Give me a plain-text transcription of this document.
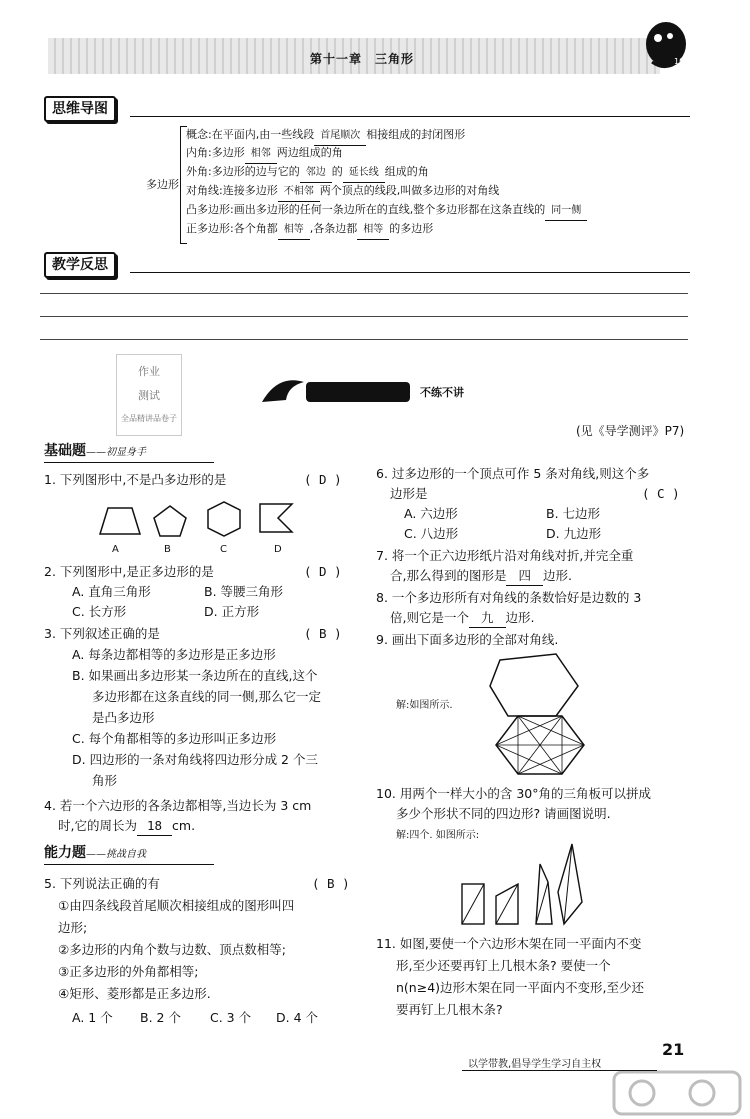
第十一章　三角形	10
思维导图
多边形
概念:在平面内,由一些线段 首尾顺次 相接组成的封闭图形
内角:多边形 相邻 两边组成的角
外角:多边形的边与它的 邻边 的 延长线 组成的角
对角线:连接多边形 不相邻 两个顶点的线段,叫做多边形的对角线
凸多边形:画出多边形的任何一条边所在的直线,整个多边形都在这条直线的 同一侧
正多边形:各个角都 相等 ,各条边都 相等 的多边形
教学反思
作业
测试
全品精讲品卷子
不练不讲
(见《导学测评》P7)
基础题——初显身手
1. 下列图形中,不是凸多边形的是	( D )
A	B	C	D
2. 下列图形中,是正多边形的是	( D )
A. 直角三角形	B. 等腰三角形
C. 长方形	D. 正方形
3. 下列叙述正确的是	( B )
A. 每条边都相等的多边形是正多边形
B. 如果画出多边形某一条边所在的直线,这个
多边形都在这条直线的同一侧,那么它一定
是凸多边形
C. 每个角都相等的多边形叫正多边形
D. 四边形的一条对角线将四边形分成 2 个三
角形
4. 若一个六边形的各条边都相等,当边长为 3 cm
时,它的周长为 18 cm.
能力题——挑战自我
5. 下列说法正确的有	( B )
①由四条线段首尾顺次相接组成的图形叫四
边形;
②多边形的内角个数与边数、顶点数相等;
③正多边形的外角都相等;
④矩形、菱形都是正多边形.
A. 1 个 B. 2 个 C. 3 个 D. 4 个
6. 过多边形的一个顶点可作 5 条对角线,则这个多
边形是	( C )
A. 六边形	B. 七边形
C. 八边形	D. 九边形
7. 将一个正六边形纸片沿对角线对折,并完全重
合,那么得到的图形是 四 边形.
8. 一个多边形所有对角线的条数恰好是边数的 3
倍,则它是一个 九 边形.
9. 画出下面多边形的全部对角线.
解:如图所示.
10. 用两个一样大小的含 30°角的三角板可以拼成
多少个形状不同的四边形? 请画图说明.
解:四个. 如图所示:
11. 如图,要使一个六边形木架在同一平面内不变
形,至少还要再钉上几根木条? 要使一个
n(n≥4)边形木架在同一平面内不变形,至少还
要再钉上几根木条?
以学带教,倡导学生学习自主权
21
